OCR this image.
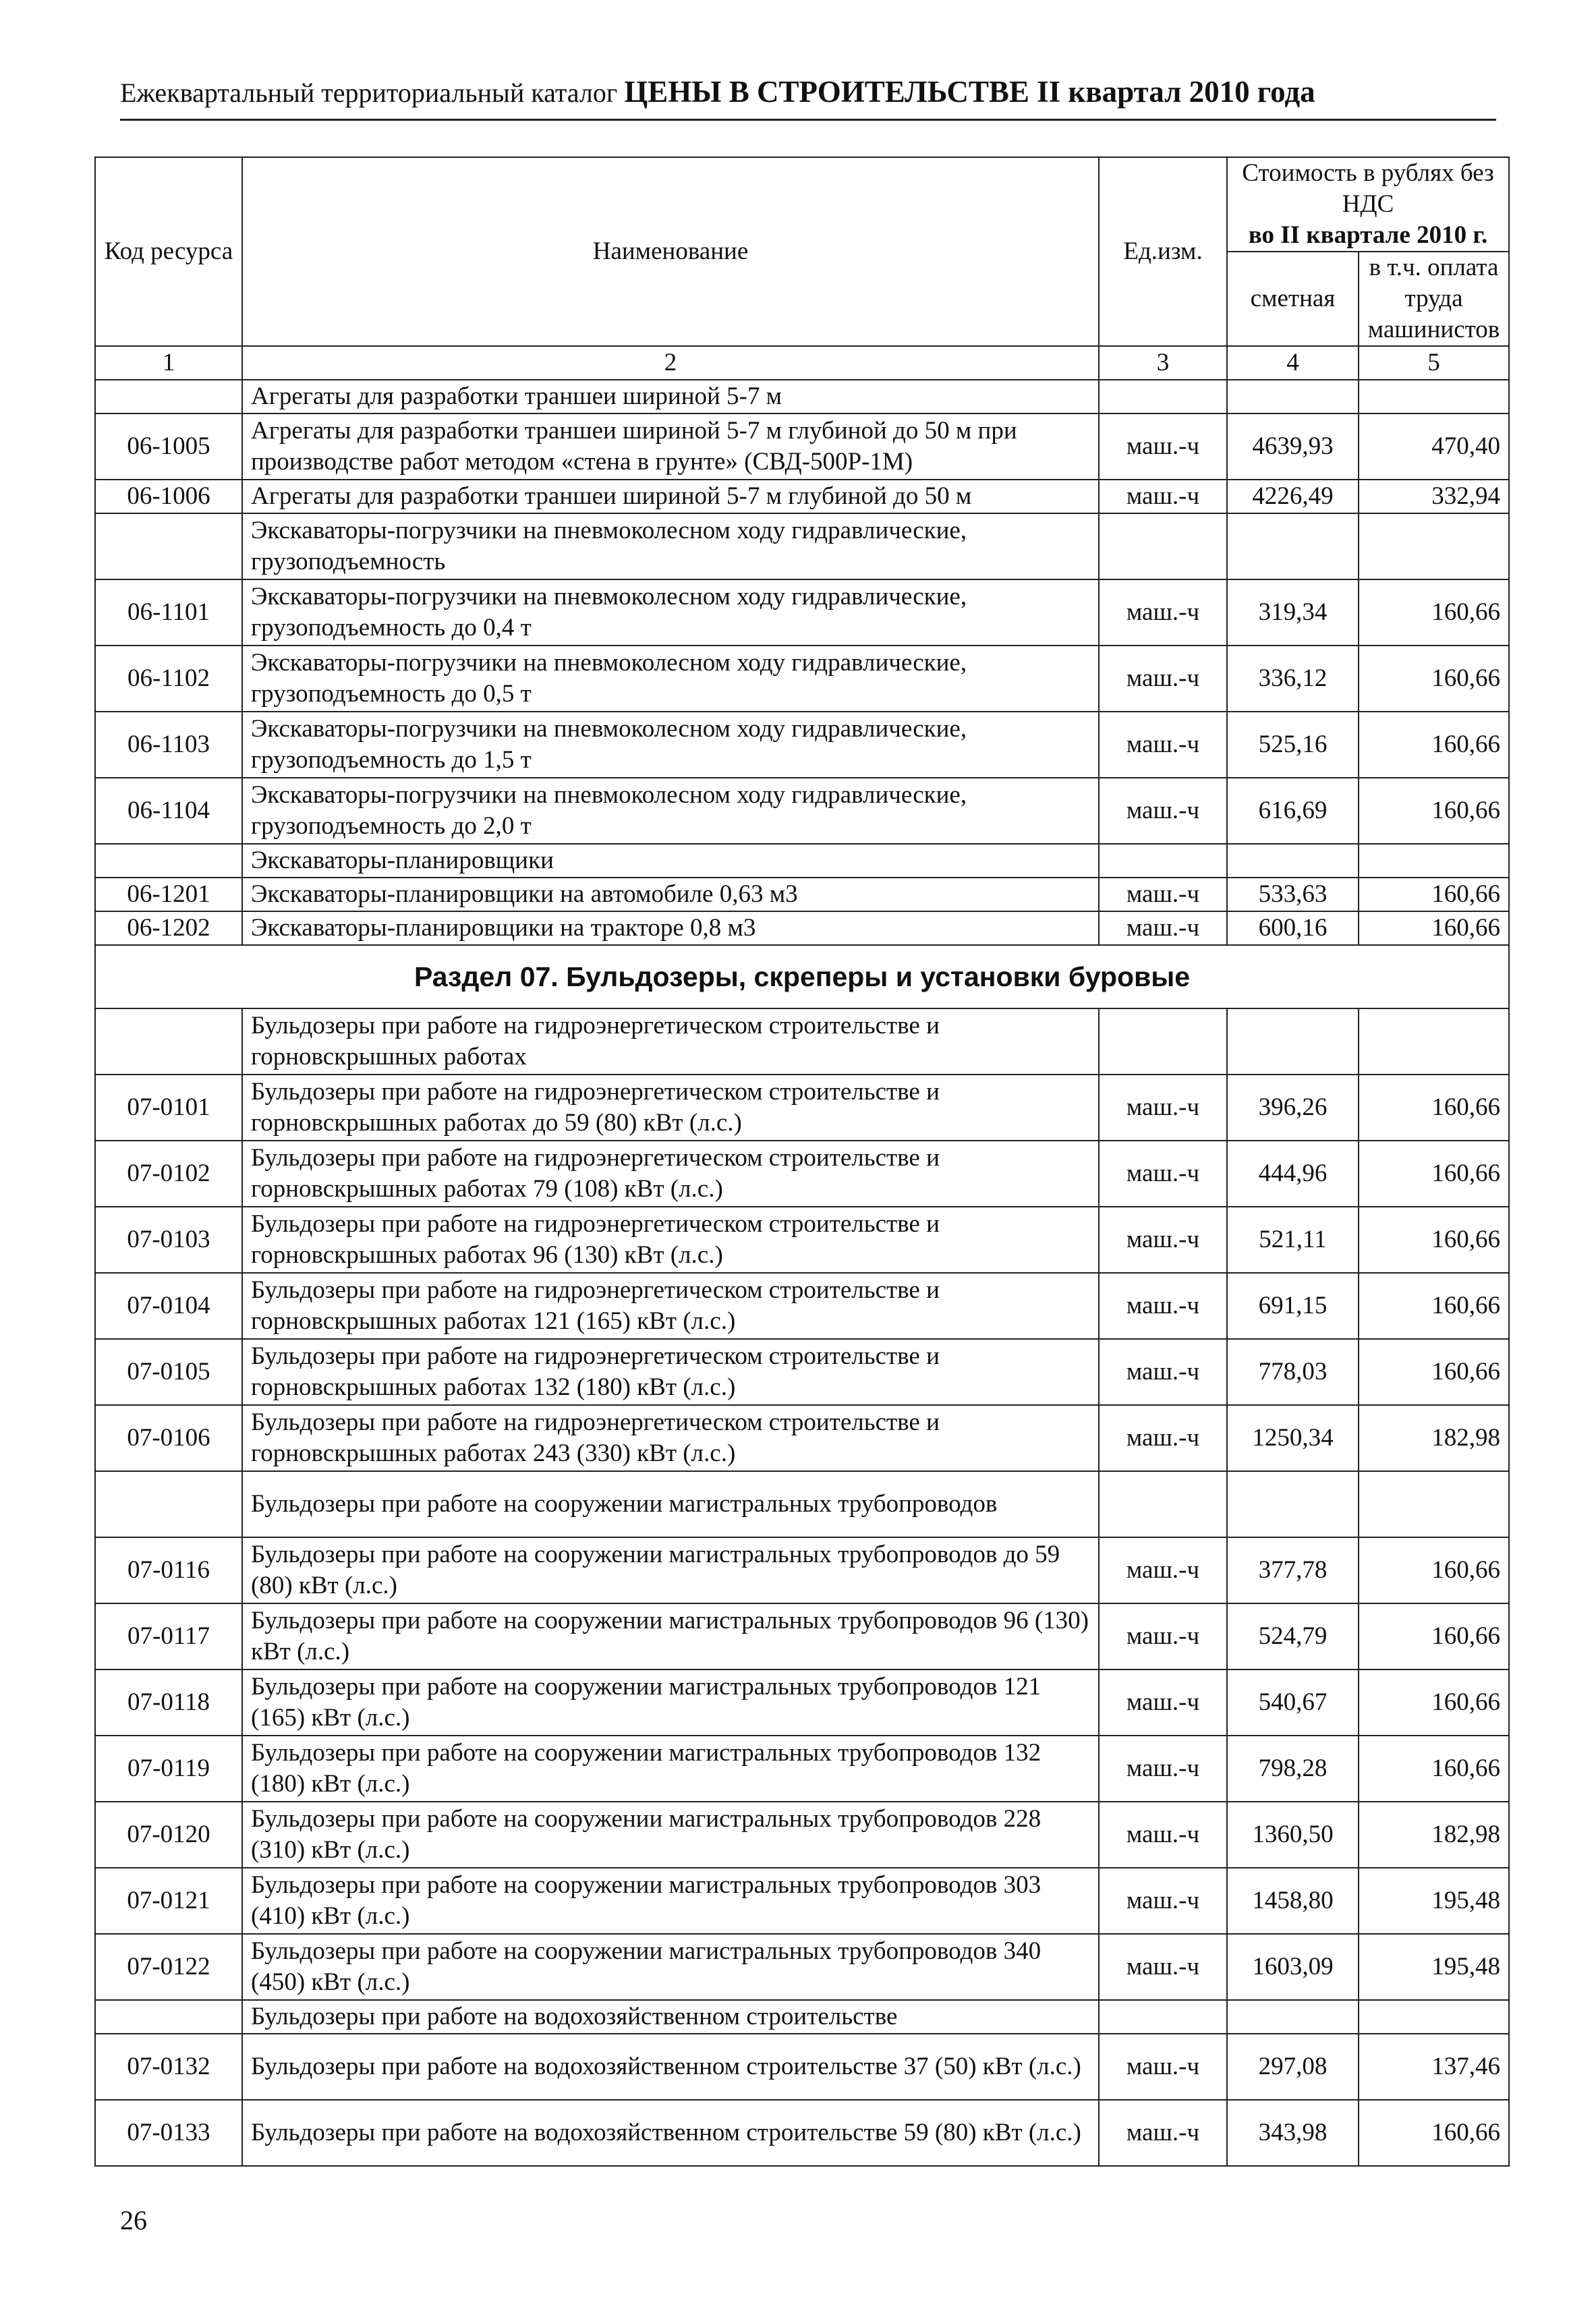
Ежеквартальный территориальный каталог ЦЕНЫ В СТРОИТЕЛЬСТВЕ II квартал 2010 года
Код ресурса	Наименование	Ед.изм.	Стоимость в рублях без НДС
во II квартале 2010 г.	

			сметная	в т.ч. оплата труда машинистов
1	2	3	4	5
	Агрегаты для разработки траншеи шириной 5-7 м			
06-1005	Агрегаты для разработки траншеи шириной 5-7 м глубиной до 50 м при производстве работ методом «стена в грунте» (СВД-500Р-1М)	маш.-ч	4639,93	470,40
06-1006	Агрегаты для разработки траншеи шириной 5-7 м глубиной до 50 м	маш.-ч	4226,49	332,94
	Экскаваторы-погрузчики на пневмоколесном ходу гидравлические, грузоподъемность			
06-1101	Экскаваторы-погрузчики на пневмоколесном ходу гидравлические, грузоподъемность до 0,4 т	маш.-ч	319,34	160,66
06-1102	Экскаваторы-погрузчики на пневмоколесном ходу гидравлические, грузоподъемность до 0,5 т	маш.-ч	336,12	160,66
06-1103	Экскаваторы-погрузчики на пневмоколесном ходу гидравлические, грузоподъемность до 1,5 т	маш.-ч	525,16	160,66
06-1104	Экскаваторы-погрузчики на пневмоколесном ходу гидравлические, грузоподъемность до 2,0 т	маш.-ч	616,69	160,66
	Экскаваторы-планировщики			
06-1201	Экскаваторы-планировщики на автомобиле 0,63 м3	маш.-ч	533,63	160,66
06-1202	Экскаваторы-планировщики на тракторе 0,8 м3	маш.-ч	600,16	160,66
Раздел 07. Бульдозеры, скреперы и установки буровые				
	Бульдозеры при работе на гидроэнергетическом строительстве и горновскрышных работах			
07-0101	Бульдозеры при работе на гидроэнергетическом строительстве и горновскрышных работах до 59 (80) кВт (л.с.)	маш.-ч	396,26	160,66
07-0102	Бульдозеры при работе на гидроэнергетическом строительстве и горновскрышных работах 79 (108) кВт (л.с.)	маш.-ч	444,96	160,66
07-0103	Бульдозеры при работе на гидроэнергетическом строительстве и горновскрышных работах 96 (130) кВт (л.с.)	маш.-ч	521,11	160,66
07-0104	Бульдозеры при работе на гидроэнергетическом строительстве и горновскрышных работах 121 (165) кВт (л.с.)	маш.-ч	691,15	160,66
07-0105	Бульдозеры при работе на гидроэнергетическом строительстве и горновскрышных работах 132 (180) кВт (л.с.)	маш.-ч	778,03	160,66
07-0106	Бульдозеры при работе на гидроэнергетическом строительстве и горновскрышных работах 243 (330) кВт (л.с.)	маш.-ч	1250,34	182,98
	Бульдозеры при работе на сооружении магистральных трубопроводов			
07-0116	Бульдозеры при работе на сооружении магистральных трубопроводов до 59 (80) кВт (л.с.)	маш.-ч	377,78	160,66
07-0117	Бульдозеры при работе на сооружении магистральных трубопроводов 96 (130) кВт (л.с.)	маш.-ч	524,79	160,66
07-0118	Бульдозеры при работе на сооружении магистральных трубопроводов 121 (165) кВт (л.с.)	маш.-ч	540,67	160,66
07-0119	Бульдозеры при работе на сооружении магистральных трубопроводов 132 (180) кВт (л.с.)	маш.-ч	798,28	160,66
07-0120	Бульдозеры при работе на сооружении магистральных трубопроводов 228 (310) кВт (л.с.)	маш.-ч	1360,50	182,98
07-0121	Бульдозеры при работе на сооружении магистральных трубопроводов 303 (410) кВт (л.с.)	маш.-ч	1458,80	195,48
07-0122	Бульдозеры при работе на сооружении магистральных трубопроводов 340 (450) кВт (л.с.)	маш.-ч	1603,09	195,48
	Бульдозеры при работе на водохозяйственном строительстве			
07-0132	Бульдозеры при работе на водохозяйственном строительстве 37 (50) кВт (л.с.)	маш.-ч	297,08	137,46
07-0133	Бульдозеры при работе на водохозяйственном строительстве 59 (80) кВт (л.с.)	маш.-ч	343,98	160,66
26
